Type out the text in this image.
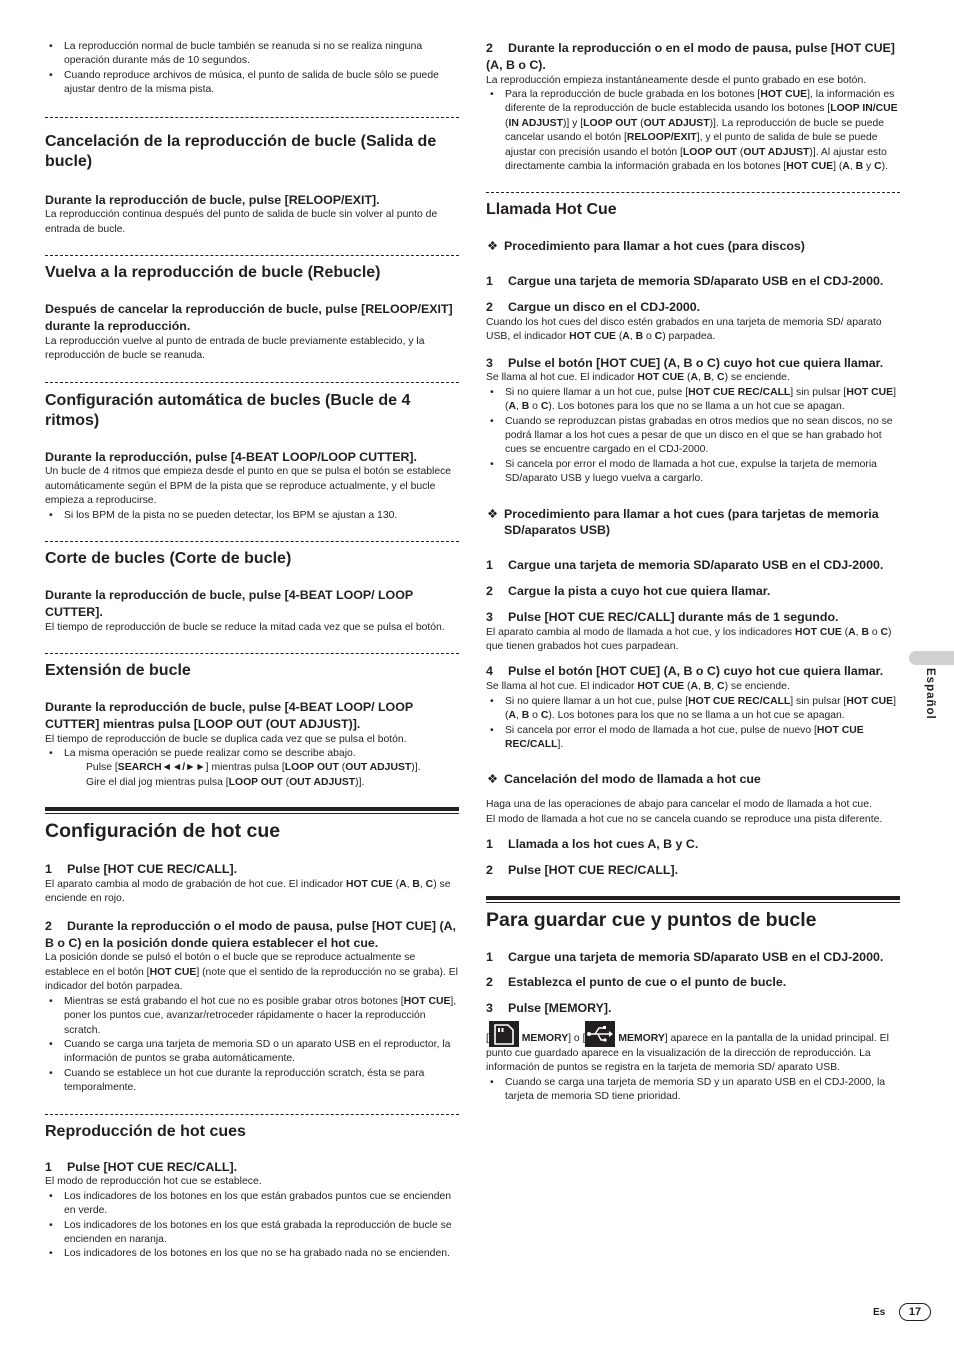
• La reproducción normal de bucle también se reanuda si no se realiza ninguna operación durante más de 10 segundos.
• Cuando reproduce archivos de música, el punto de salida de bucle sólo se puede ajustar dentro de la misma pista.
Cancelación de la reproducción de bucle (Salida de bucle)

Durante la reproducción de bucle, pulse [RELOOP/EXIT].

La reproducción continua después del punto de salida de bucle sin volver al punto de entrada de bucle.

Vuelva a la reproducción de bucle (Rebucle)

Después de cancelar la reproducción de bucle, pulse [RELOOP/EXIT] durante la reproducción.

La reproducción vuelve al punto de entrada de bucle previamente establecido, y la reproducción de bucle se reanuda.

Configuración automática de bucles (Bucle de 4 ritmos)

Durante la reproducción, pulse [4-BEAT LOOP/LOOP CUTTER].

Un bucle de 4 ritmos que empieza desde el punto en que se pulsa el botón se establece automáticamente según el BPM de la pista que se reproduce actualmente, y el bucle empieza a reproducirse.

• Si los BPM de la pista no se pueden detectar, los BPM se ajustan a 130.
Corte de bucles (Corte de bucle)

Durante la reproducción de bucle, pulse [4-BEAT LOOP/ LOOP CUTTER].

El tiempo de reproducción de bucle se reduce la mitad cada vez que se pulsa el botón.

Extensión de bucle

Durante la reproducción de bucle, pulse [4-BEAT LOOP/ LOOP CUTTER] mientras pulsa [LOOP OUT (OUT ADJUST)].

El tiempo de reproducción de bucle se duplica cada vez que se pulsa el botón.

• La misma operación se puede realizar como se describe abajo.

Pulse [SEARCH◄◄/►►] mientras pulsa [LOOP OUT (OUT ADJUST)].

Gire el dial jog mientras pulsa [LOOP OUT (OUT ADJUST)].

Configuración de hot cue

1 Pulse [HOT CUE REC/CALL].

El aparato cambia al modo de grabación de hot cue. El indicador HOT CUE (A, B, C) se enciende en rojo.

2 Durante la reproducción o el modo de pausa, pulse [HOT CUE] (A, B o C) en la posición donde quiera establecer el hot cue.

La posición donde se pulsó el botón o el bucle que se reproduce actualmente se establece en el botón [HOT CUE] (note que el sentido de la reproducción no se graba). El indicador del botón parpadea.

• Mientras se está grabando el hot cue no es posible grabar otros botones [HOT CUE], poner los puntos cue, avanzar/retroceder rápidamente o hacer la reproducción scratch.
• Cuando se carga una tarjeta de memoria SD o un aparato USB en el reproductor, la información de puntos se graba automáticamente.
• Cuando se establece un hot cue durante la reproducción scratch, ésta se para temporalmente.
Reproducción de hot cues

1 Pulse [HOT CUE REC/CALL].

El modo de reproducción hot cue se establece.

• Los indicadores de los botones en los que están grabados puntos cue se encienden en verde.
• Los indicadores de los botones en los que está grabada la reproducción de bucle se encienden en naranja.
• Los indicadores de los botones en los que no se ha grabado nada no se encienden.

2 Durante la reproducción o en el modo de pausa, pulse [HOT CUE] (A, B o C).

La reproducción empieza instantáneamente desde el punto grabado en ese botón.

• Para la reproducción de bucle grabada en los botones [HOT CUE], la información es diferente de la reproducción de bucle establecida usando los botones [LOOP IN/CUE (IN ADJUST)] y [LOOP OUT (OUT ADJUST)]. La reproducción de bucle se puede cancelar usando el botón [RELOOP/EXIT], y el punto de salida de bule se puede ajustar con precisión usando el botón [LOOP OUT (OUT ADJUST)]. Al ajustar esto directamente cambia la información grabada en los botones [HOT CUE] (A, B y C).
Llamada Hot Cue

❖ Procedimiento para llamar a hot cues (para discos)

1 Cargue una tarjeta de memoria SD/aparato USB en el CDJ-2000.

2 Cargue un disco en el CDJ-2000.

Cuando los hot cues del disco estén grabados en una tarjeta de memoria SD/ aparato USB, el indicador HOT CUE (A, B o C) parpadea.

3 Pulse el botón [HOT CUE] (A, B o C) cuyo hot cue quiera llamar.

Se llama al hot cue. El indicador HOT CUE (A, B, C) se enciende.

• Si no quiere llamar a un hot cue, pulse [HOT CUE REC/CALL] sin pulsar [HOT CUE] (A, B o C). Los botones para los que no se llama a un hot cue se apagan.
• Cuando se reproduzcan pistas grabadas en otros medios que no sean discos, no se podrá llamar a los hot cues a pesar de que un disco en el que se han grabado hot cues se encuentre cargado en el CDJ-2000.
• Si cancela por error el modo de llamada a hot cue, expulse la tarjeta de memoria SD/aparato USB y luego vuelva a cargarlo.

❖ Procedimiento para llamar a hot cues (para tarjetas de memoria SD/aparatos USB)

1 Cargue una tarjeta de memoria SD/aparato USB en el CDJ-2000.

2 Cargue la pista a cuyo hot cue quiera llamar.

3 Pulse [HOT CUE REC/CALL] durante más de 1 segundo.

El aparato cambia al modo de llamada a hot cue, y los indicadores HOT CUE (A, B o C) que tienen grabados hot cues parpadean.

4 Pulse el botón [HOT CUE] (A, B o C) cuyo hot cue quiera llamar.

Se llama al hot cue. El indicador HOT CUE (A, B, C) se enciende.

• Si no quiere llamar a un hot cue, pulse [HOT CUE REC/CALL] sin pulsar [HOT CUE] (A, B o C). Los botones para los que no se llama a un hot cue se apagan.
• Si cancela por error el modo de llamada a hot cue, pulse de nuevo [HOT CUE REC/CALL].

❖ Cancelación del modo de llamada a hot cue

Haga una de las operaciones de abajo para cancelar el modo de llamada a hot cue.

El modo de llamada a hot cue no se cancela cuando se reproduce una pista diferente.

1 Llamada a los hot cues A, B y C.

2 Pulse [HOT CUE REC/CALL].

Para guardar cue y puntos de bucle

1 Cargue una tarjeta de memoria SD/aparato USB en el CDJ-2000.

2 Establezca el punto de cue o el punto de bucle.

3 Pulse [MEMORY].

[	MEMORY] o [	MEMORY] aparece en la pantalla de la unidad principal. El punto cue guardado aparece en la visualización de la dirección de reproducción. La información de puntos se registra en la tarjeta de memoria SD/ aparato USB.

• Cuando se carga una tarjeta de memoria SD y un aparato USB en el CDJ-2000, la tarjeta de memoria SD tiene prioridad.
Español
Es	17
